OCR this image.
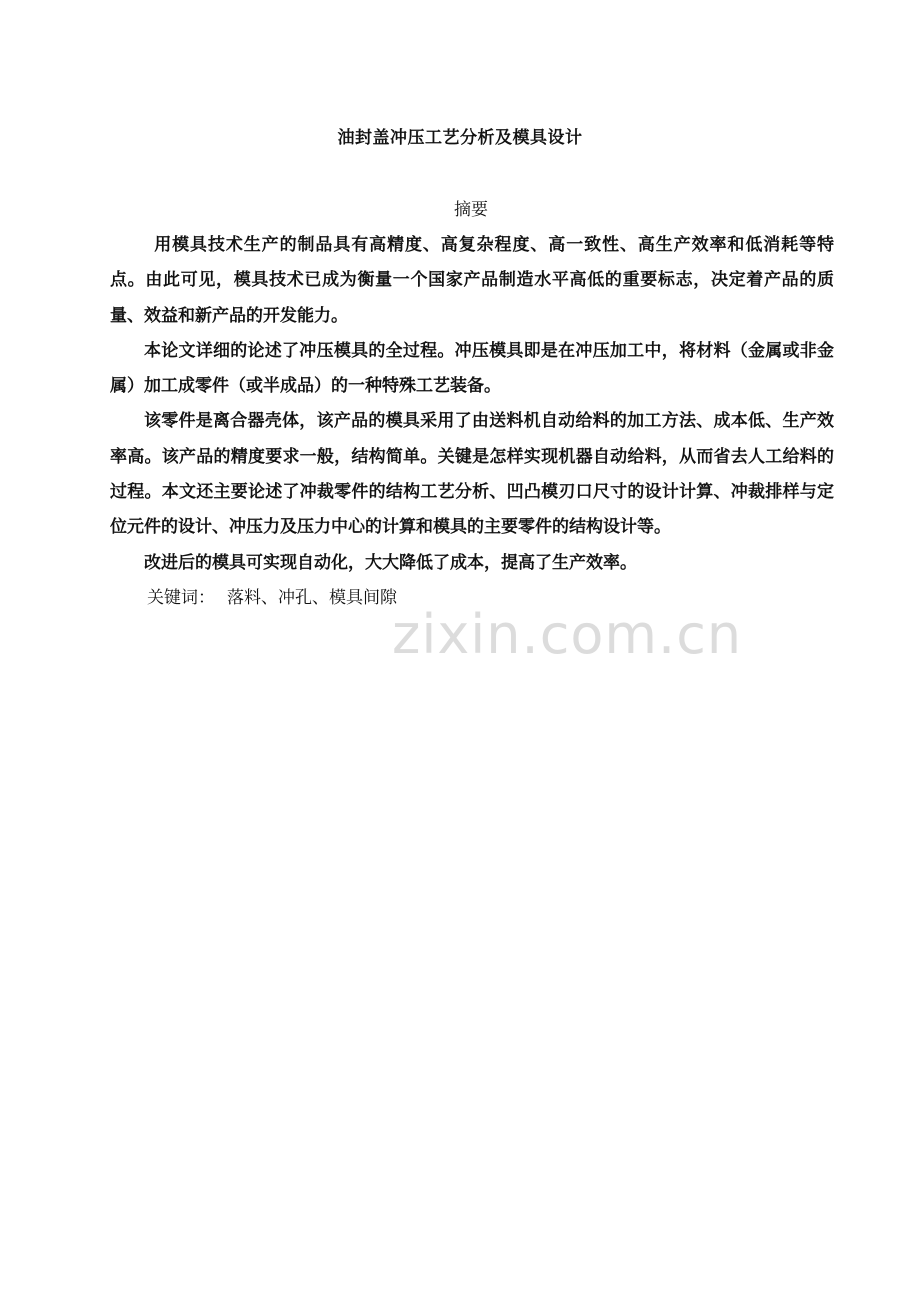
油封盖冲压工艺分析及模具设计
摘要

用模具技术生产的制品具有高精度、高复杂程度、高一致性、高生产效率和低消耗等特点。由此可见，模具技术已成为衡量一个国家产品制造水平高低的重要标志，决定着产品的质量、效益和新产品的开发能力。

本论文详细的论述了冲压模具的全过程。冲压模具即是在冲压加工中，将材料（金属或非金属）加工成零件（或半成品）的一种特殊工艺装备。

该零件是离合器壳体，该产品的模具采用了由送料机自动给料的加工方法、成本低、生产效率高。该产品的精度要求一般，结构简单。关键是怎样实现机器自动给料，从而省去人工给料的过程。本文还主要论述了冲裁零件的结构工艺分析、凹凸模刃口尺寸的设计计算、冲裁排样与定位元件的设计、冲压力及压力中心的计算和模具的主要零件的结构设计等。

改进后的模具可实现自动化，大大降低了成本，提高了生产效率。

关键词： 落料、冲孔、模具间隙
zixin.com.cn
